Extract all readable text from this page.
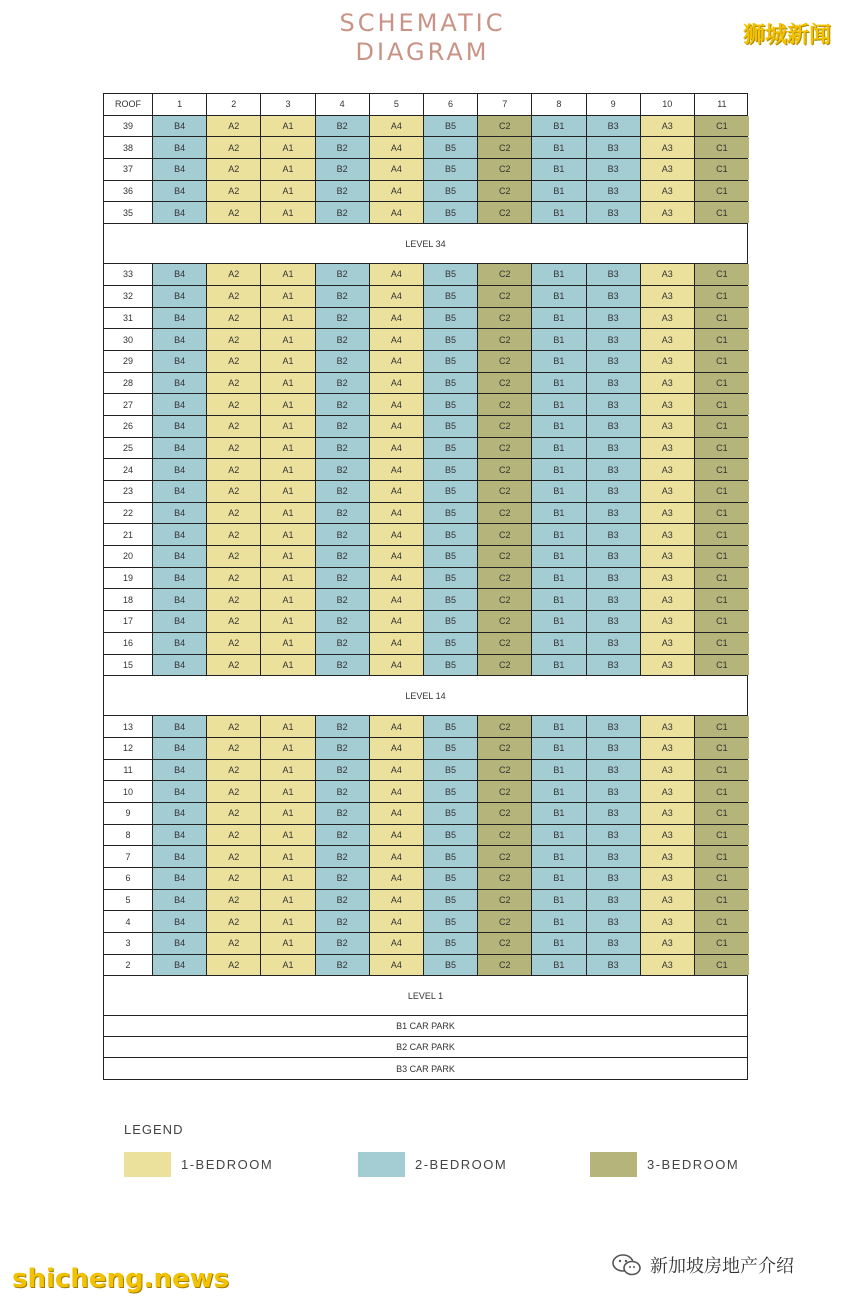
SCHEMATIC
DIAGRAM
狮城新闻
ROOF	1	2	3	4	5	6	7	8	9	10	11
39	B4	A2	A1	B2	A4	B5	C2	B1	B3	A3	C1
38	B4	A2	A1	B2	A4	B5	C2	B1	B3	A3	C1
37	B4	A2	A1	B2	A4	B5	C2	B1	B3	A3	C1
36	B4	A2	A1	B2	A4	B5	C2	B1	B3	A3	C1
35	B4	A2	A1	B2	A4	B5	C2	B1	B3	A3	C1
LEVEL 34
33	B4	A2	A1	B2	A4	B5	C2	B1	B3	A3	C1
32	B4	A2	A1	B2	A4	B5	C2	B1	B3	A3	C1
31	B4	A2	A1	B2	A4	B5	C2	B1	B3	A3	C1
30	B4	A2	A1	B2	A4	B5	C2	B1	B3	A3	C1
29	B4	A2	A1	B2	A4	B5	C2	B1	B3	A3	C1
28	B4	A2	A1	B2	A4	B5	C2	B1	B3	A3	C1
27	B4	A2	A1	B2	A4	B5	C2	B1	B3	A3	C1
26	B4	A2	A1	B2	A4	B5	C2	B1	B3	A3	C1
25	B4	A2	A1	B2	A4	B5	C2	B1	B3	A3	C1
24	B4	A2	A1	B2	A4	B5	C2	B1	B3	A3	C1
23	B4	A2	A1	B2	A4	B5	C2	B1	B3	A3	C1
22	B4	A2	A1	B2	A4	B5	C2	B1	B3	A3	C1
21	B4	A2	A1	B2	A4	B5	C2	B1	B3	A3	C1
20	B4	A2	A1	B2	A4	B5	C2	B1	B3	A3	C1
19	B4	A2	A1	B2	A4	B5	C2	B1	B3	A3	C1
18	B4	A2	A1	B2	A4	B5	C2	B1	B3	A3	C1
17	B4	A2	A1	B2	A4	B5	C2	B1	B3	A3	C1
16	B4	A2	A1	B2	A4	B5	C2	B1	B3	A3	C1
15	B4	A2	A1	B2	A4	B5	C2	B1	B3	A3	C1
LEVEL 14
13	B4	A2	A1	B2	A4	B5	C2	B1	B3	A3	C1
12	B4	A2	A1	B2	A4	B5	C2	B1	B3	A3	C1
11	B4	A2	A1	B2	A4	B5	C2	B1	B3	A3	C1
10	B4	A2	A1	B2	A4	B5	C2	B1	B3	A3	C1
9	B4	A2	A1	B2	A4	B5	C2	B1	B3	A3	C1
8	B4	A2	A1	B2	A4	B5	C2	B1	B3	A3	C1
7	B4	A2	A1	B2	A4	B5	C2	B1	B3	A3	C1
6	B4	A2	A1	B2	A4	B5	C2	B1	B3	A3	C1
5	B4	A2	A1	B2	A4	B5	C2	B1	B3	A3	C1
4	B4	A2	A1	B2	A4	B5	C2	B1	B3	A3	C1
3	B4	A2	A1	B2	A4	B5	C2	B1	B3	A3	C1
2	B4	A2	A1	B2	A4	B5	C2	B1	B3	A3	C1
LEVEL 1
B1 CAR PARK
B2 CAR PARK
B3 CAR PARK
LEGEND
1-BEDROOM	2-BEDROOM	3-BEDROOM
shicheng.news	新加坡房地产介绍
